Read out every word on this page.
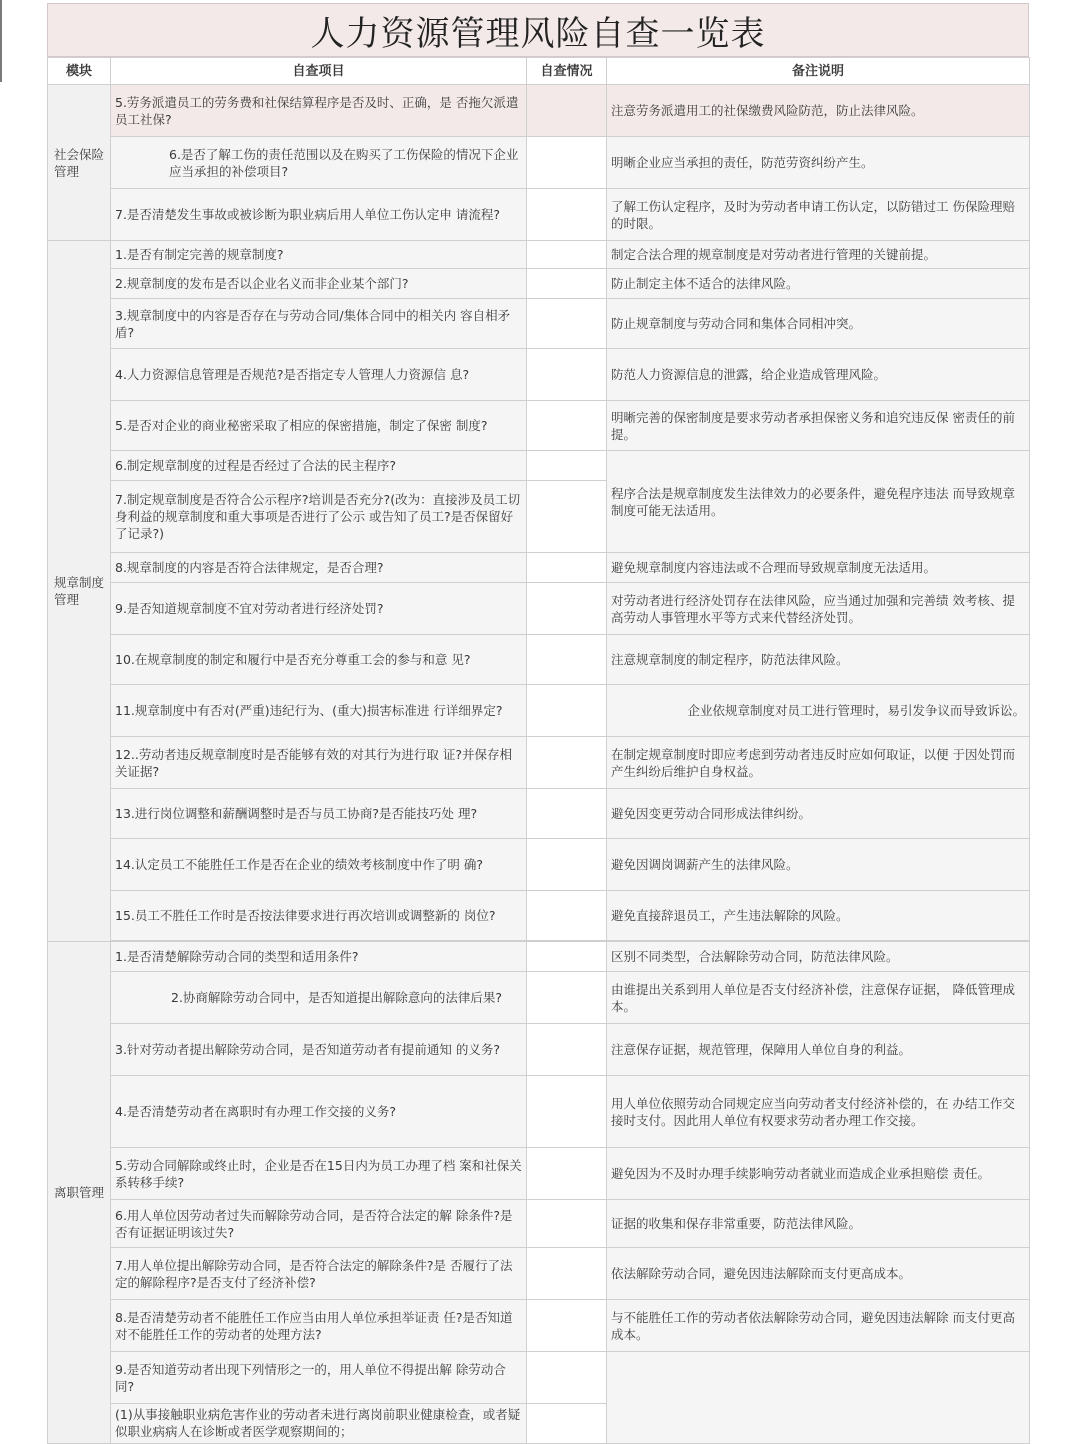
人力资源管理风险自查一览表
模块	自查项目	自查情况	备注说明
社会保险管理	5.劳务派遣员工的劳务费和社保结算程序是否及时、正确，是 否拖欠派遣员工社保?		注意劳务派遣用工的社保缴费风险防范，防止法律风险。
	6.是否了解工伤的责任范围以及在购买了工伤保险的情况下企业应当承担的补偿项目?		明晰企业应当承担的责任，防范劳资纠纷产生。
	7.是否清楚发生事故或被诊断为职业病后用人单位工伤认定申 请流程?		了解工伤认定程序，及时为劳动者申请工伤认定，以防错过工 伤保险理赔的时限。
规章制度管理	1.是否有制定完善的规章制度?		制定合法合理的规章制度是对劳动者进行管理的关键前提。
	2.规章制度的发布是否以企业名义而非企业某个部门?		防止制定主体不适合的法律风险。
	3.规章制度中的内容是否存在与劳动合同/集体合同中的相关内 容自相矛盾?		防止规章制度与劳动合同和集体合同相冲突。
	4.人力资源信息管理是否规范?是否指定专人管理人力资源信 息?		防范人力资源信息的泄露，给企业造成管理风险。
	5.是否对企业的商业秘密采取了相应的保密措施，制定了保密 制度?		明晰完善的保密制度是要求劳动者承担保密义务和追究违反保 密责任的前提。
	6.制定规章制度的过程是否经过了合法的民主程序?		程序合法是规章制度发生法律效力的必要条件，避免程序违法 而导致规章制度可能无法适用。
	7.制定规章制度是否符合公示程序?培训是否充分?(改为：直接涉及员工切身利益的规章制度和重大事项是否进行了公示 或告知了员工?是否保留好了记录?)		
	8.规章制度的内容是否符合法律规定，是否合理?		避免规章制度内容违法或不合理而导致规章制度无法适用。
	9.是否知道规章制度不宜对劳动者进行经济处罚?		对劳动者进行经济处罚存在法律风险，应当通过加强和完善绩 效考核、提高劳动人事管理水平等方式来代替经济处罚。
	10.在规章制度的制定和履行中是否充分尊重工会的参与和意 见?		注意规章制度的制定程序，防范法律风险。
	11.规章制度中有否对(严重)违纪行为、(重大)损害标准进 行详细界定?		企业依规章制度对员工进行管理时，易引发争议而导致诉讼。
	12..劳动者违反规章制度时是否能够有效的对其行为进行取 证?并保存相关证据?		在制定规章制度时即应考虑到劳动者违反时应如何取证，以便 于因处罚而产生纠纷后维护自身权益。
	13.进行岗位调整和薪酬调整时是否与员工协商?是否能技巧处 理?		避免因变更劳动合同形成法律纠纷。
	14.认定员工不能胜任工作是否在企业的绩效考核制度中作了明 确?		避免因调岗调薪产生的法律风险。
	15.员工不胜任工作时是否按法律要求进行再次培训或调整新的 岗位?		避免直接辞退员工，产生违法解除的风险。

离职管理	1.是否清楚解除劳动合同的类型和适用条件?		区别不同类型，合法解除劳动合同，防范法律风险。
	2.协商解除劳动合同中，是否知道提出解除意向的法律后果?		由谁提出关系到用人单位是否支付经济补偿，注意保存证据， 降低管理成本。
	3.针对劳动者提出解除劳动合同，是否知道劳动者有提前通知 的义务?		注意保存证据，规范管理，保障用人单位自身的利益。
	4.是否清楚劳动者在离职时有办理工作交接的义务?		用人单位依照劳动合同规定应当向劳动者支付经济补偿的，在 办结工作交接时支付。因此用人单位有权要求劳动者办理工作交接。
	5.劳动合同解除或终止时，企业是否在15日内为员工办理了档 案和社保关系转移手续?		避免因为不及时办理手续影响劳动者就业而造成企业承担赔偿 责任。
	6.用人单位因劳动者过失而解除劳动合同，是否符合法定的解 除条件?是否有证据证明该过失?		证据的收集和保存非常重要，防范法律风险。
	7.用人单位提出解除劳动合同，是否符合法定的解除条件?是 否履行了法定的解除程序?是否支付了经济补偿?		依法解除劳动合同，避免因违法解除而支付更高成本。
	8.是否清楚劳动者不能胜任工作应当由用人单位承担举证责 任?是否知道对不能胜任工作的劳动者的处理方法?		与不能胜任工作的劳动者依法解除劳动合同，避免因违法解除 而支付更高成本。
	9.是否知道劳动者出现下列情形之一的，用人单位不得提出解 除劳动合同?		
	(1)从事接触职业病危害作业的劳动者未进行离岗前职业健康检查，或者疑似职业病病人在诊断或者医学观察期间的；		
